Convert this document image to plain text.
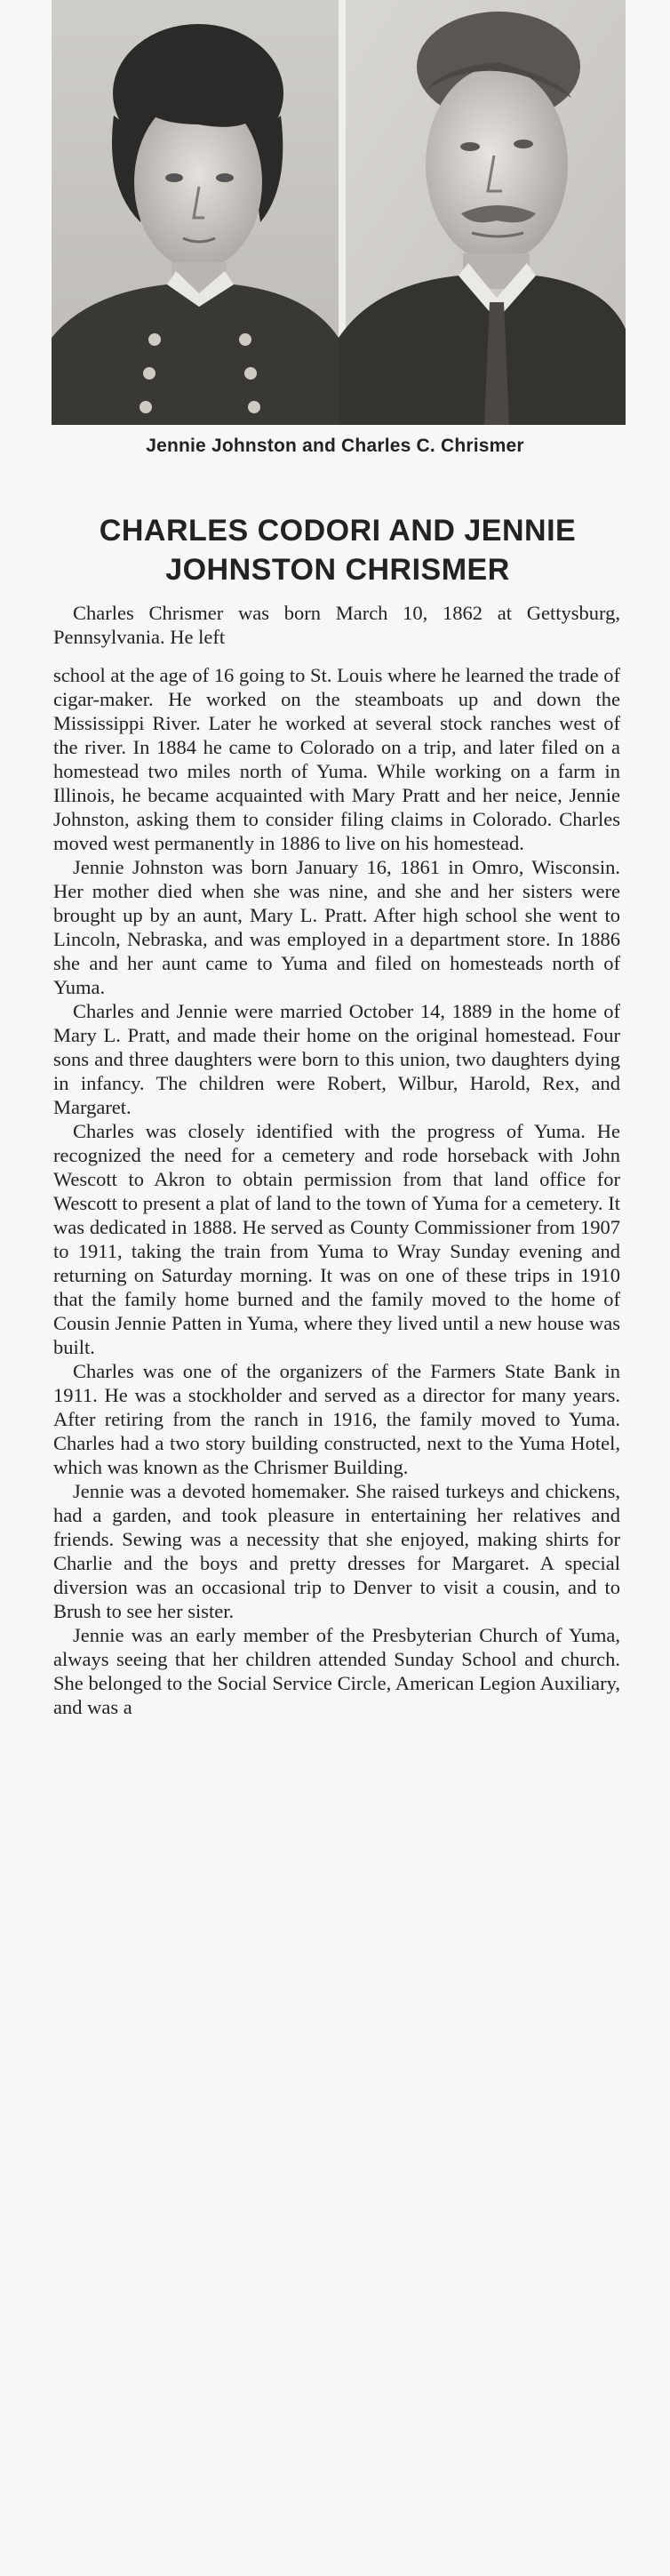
Jennie Johnston and Charles C. Chrismer
CHARLES CODORI AND JENNIE JOHNSTON CHRISMER

Charles Chrismer was born March 10, 1862 at Gettysburg, Pennsylvania. He left

school at the age of 16 going to St. Louis where he learned the trade of cigar-maker. He worked on the steamboats up and down the Mississippi River. Later he worked at several stock ranches west of the river. In 1884 he came to Colorado on a trip, and later filed on a homestead two miles north of Yuma. While working on a farm in Illinois, he became acquainted with Mary Pratt and her neice, Jennie Johnston, asking them to consider filing claims in Colorado. Charles moved west permanently in 1886 to live on his homestead.

Jennie Johnston was born January 16, 1861 in Omro, Wisconsin. Her mother died when she was nine, and she and her sisters were brought up by an aunt, Mary L. Pratt. After high school she went to Lincoln, Nebraska, and was employed in a department store. In 1886 she and her aunt came to Yuma and filed on homesteads north of Yuma.

Charles and Jennie were married October 14, 1889 in the home of Mary L. Pratt, and made their home on the original homestead. Four sons and three daughters were born to this union, two daughters dying in infancy. The children were Robert, Wilbur, Harold, Rex, and Margaret.

Charles was closely identified with the progress of Yuma. He recognized the need for a cemetery and rode horseback with John Wescott to Akron to obtain permission from that land office for Wescott to present a plat of land to the town of Yuma for a cemetery. It was dedicated in 1888. He served as County Commissioner from 1907 to 1911, taking the train from Yuma to Wray Sunday evening and returning on Saturday morning. It was on one of these trips in 1910 that the family home burned and the family moved to the home of Cousin Jennie Patten in Yuma, where they lived until a new house was built.

Charles was one of the organizers of the Farmers State Bank in 1911. He was a stockholder and served as a director for many years. After retiring from the ranch in 1916, the family moved to Yuma. Charles had a two story building constructed, next to the Yuma Hotel, which was known as the Chrismer Building.

Jennie was a devoted homemaker. She raised turkeys and chickens, had a garden, and took pleasure in entertaining her relatives and friends. Sewing was a necessity that she enjoyed, making shirts for Charlie and the boys and pretty dresses for Margaret. A special diversion was an occasional trip to Denver to visit a cousin, and to Brush to see her sister.

Jennie was an early member of the Presbyterian Church of Yuma, always seeing that her children attended Sunday School and church. She belonged to the Social Service Circle, American Legion Auxiliary, and was a
